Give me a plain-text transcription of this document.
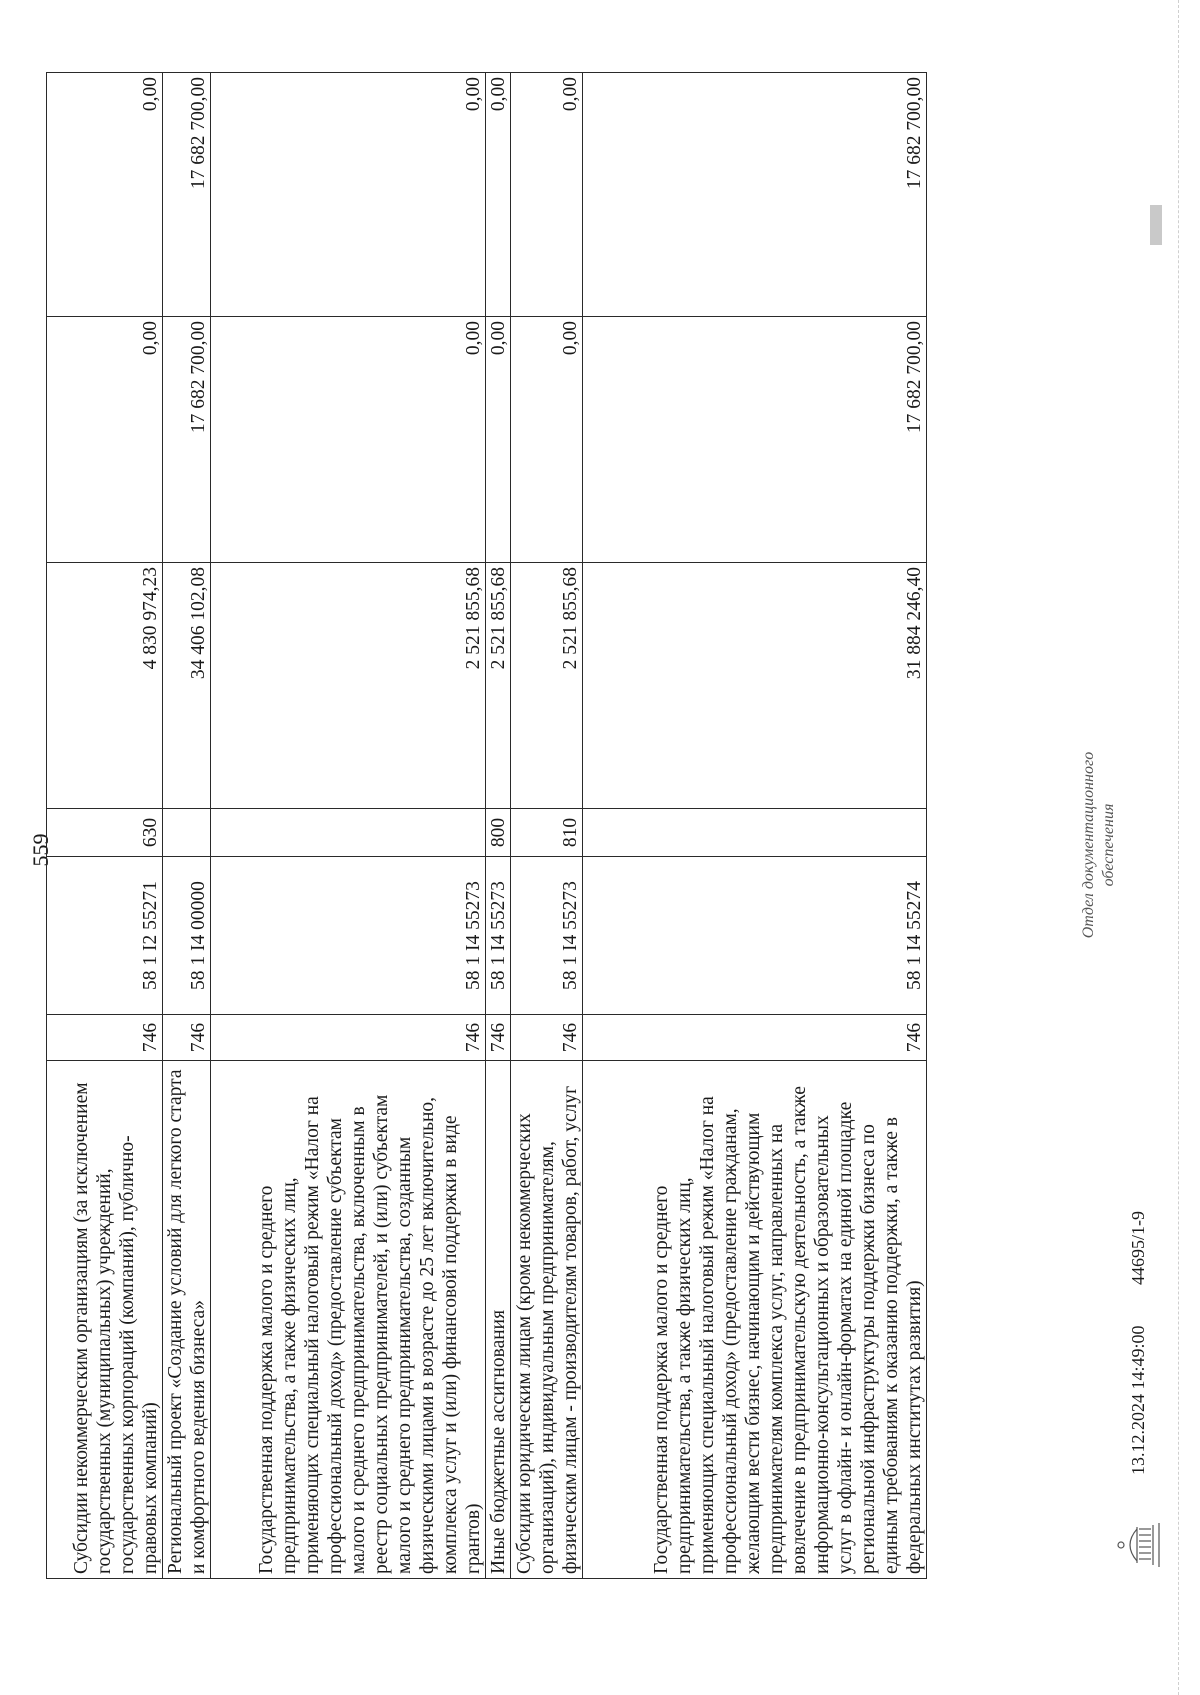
559
Субсидии некоммерческим организациям (за исключением государственных (муниципальных) учреждений, государственных корпораций (компаний), публично-правовых компаний)	746	58 1 I2 55271	630	4 830 974,23	0,00	0,00
Региональный проект «Создание условий для легкого старта и комфортного ведения бизнеса»	746	58 1 I4 00000		34 406 102,08	17 682 700,00	17 682 700,00
Государственная поддержка малого и среднего предпринимательства, а также физических лиц, применяющих специальный налоговый режим «Налог на профессиональный доход» (предоставление субъектам малого и среднего предпринимательства, включенным в реестр социальных предпринимателей, и (или) субъектам малого и среднего предпринимательства, созданным физическими лицами в возрасте до 25 лет включительно, комплекса услуг и (или) финансовой поддержки в виде грантов)	746	58 1 I4 55273		2 521 855,68	0,00	0,00
Иные бюджетные ассигнования	746	58 1 I4 55273	800	2 521 855,68	0,00	0,00
Субсидии юридическим лицам (кроме некоммерческих организаций), индивидуальным предпринимателям, физическим лицам - производителям товаров, работ, услуг	746	58 1 I4 55273	810	2 521 855,68	0,00	0,00
Государственная поддержка малого и среднего предпринимательства, а также физических лиц, применяющих специальный налоговый режим «Налог на профессиональный доход» (предоставление гражданам, желающим вести бизнес, начинающим и действующим предпринимателям комплекса услуг, направленных на вовлечение в предпринимательскую деятельность, а также информационно-консультационных и образовательных услуг в офлайн- и онлайн-форматах на единой площадке региональной инфраструктуры поддержки бизнеса по единым требованиям к оказанию поддержки, а также в федеральных институтах развития)	746	58 1 I4 55274		31 884 246,40	17 682 700,00	17 682 700,00
13.12.2024 14:49:00
44695/1-9
Отдел документационного обеспечения
